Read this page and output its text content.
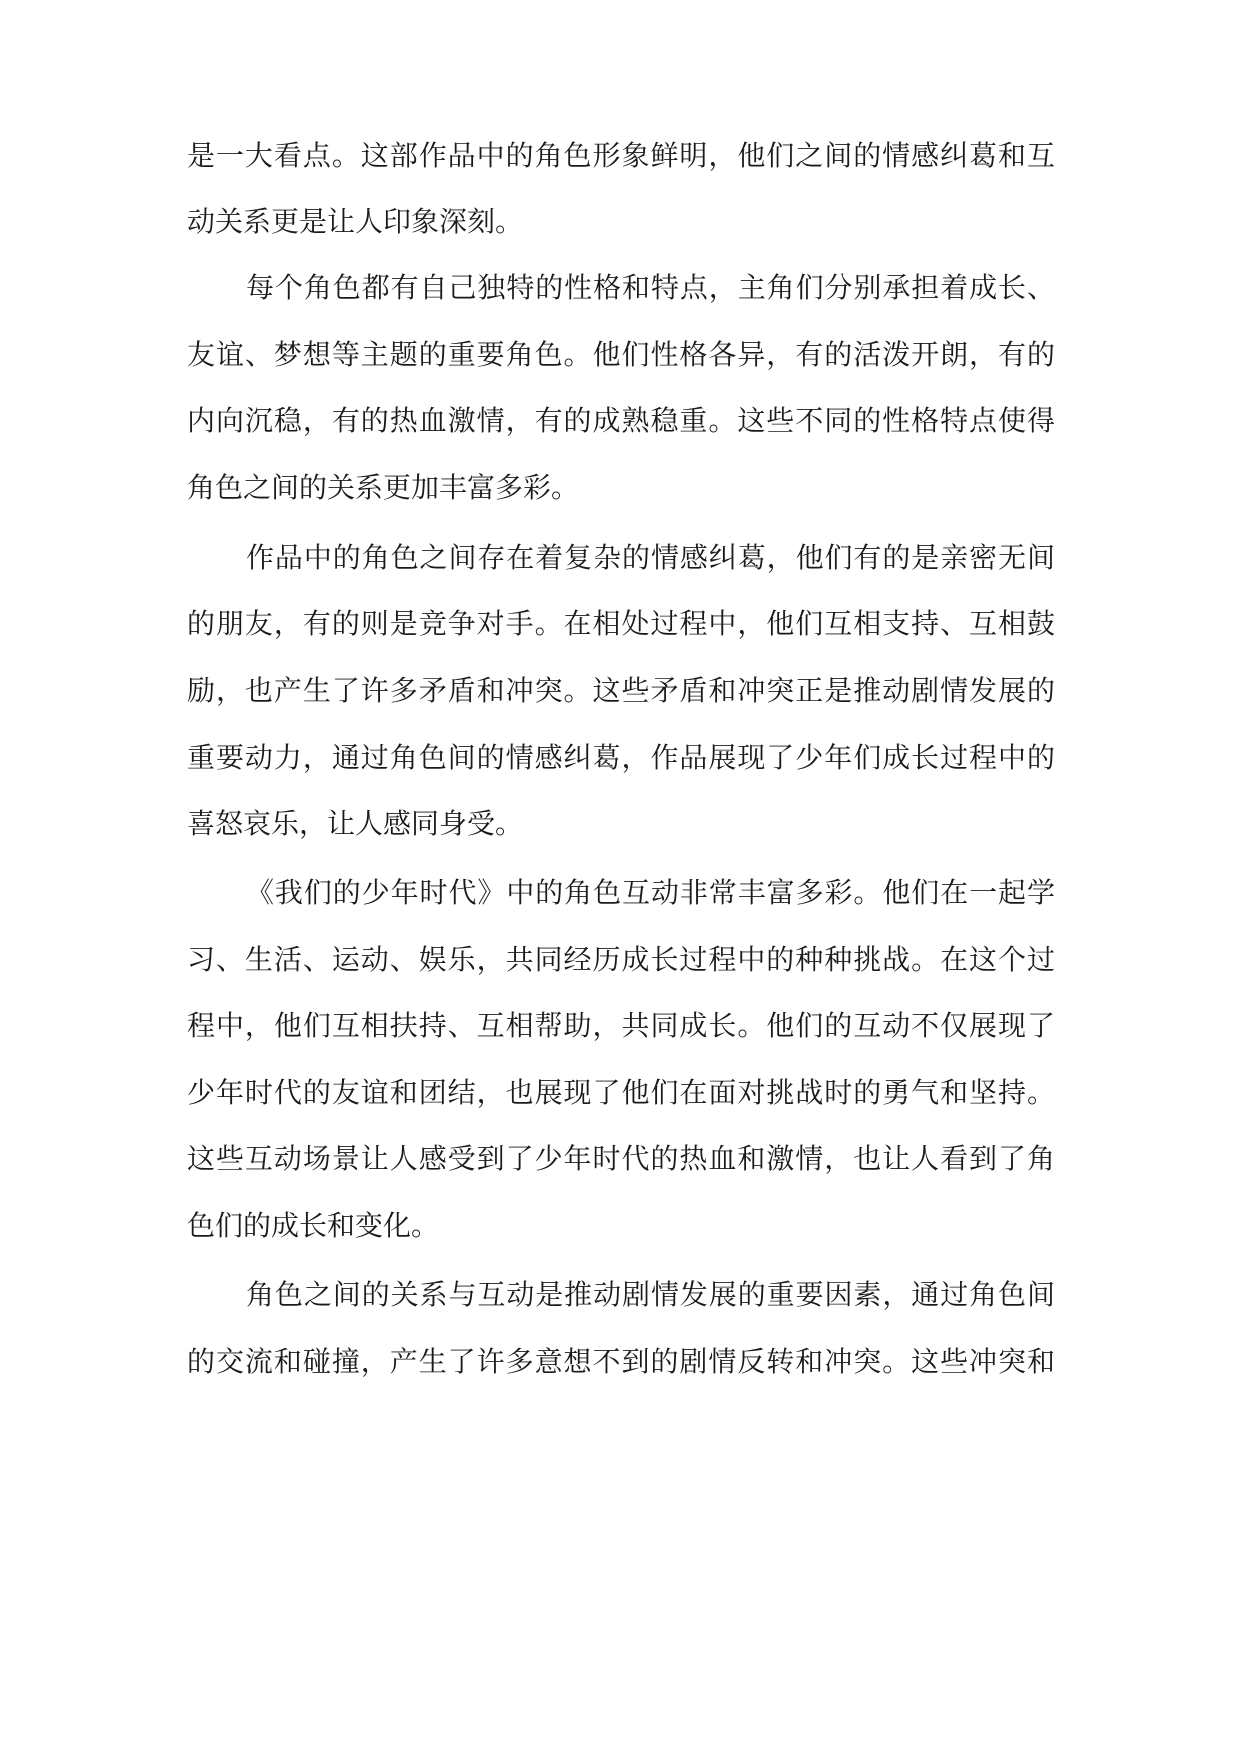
是一大看点。这部作品中的角色形象鲜明，他们之间的情感纠葛和互

动关系更是让人印象深刻。

每个角色都有自己独特的性格和特点，主角们分别承担着成长、

友谊、梦想等主题的重要角色。他们性格各异，有的活泼开朗，有的

内向沉稳，有的热血激情，有的成熟稳重。这些不同的性格特点使得

角色之间的关系更加丰富多彩。

作品中的角色之间存在着复杂的情感纠葛，他们有的是亲密无间

的朋友，有的则是竞争对手。在相处过程中，他们互相支持、互相鼓

励，也产生了许多矛盾和冲突。这些矛盾和冲突正是推动剧情发展的

重要动力，通过角色间的情感纠葛，作品展现了少年们成长过程中的

喜怒哀乐，让人感同身受。

《我们的少年时代》中的角色互动非常丰富多彩。他们在一起学

习、生活、运动、娱乐，共同经历成长过程中的种种挑战。在这个过

程中，他们互相扶持、互相帮助，共同成长。他们的互动不仅展现了

少年时代的友谊和团结，也展现了他们在面对挑战时的勇气和坚持。

这些互动场景让人感受到了少年时代的热血和激情，也让人看到了角

色们的成长和变化。

角色之间的关系与互动是推动剧情发展的重要因素，通过角色间

的交流和碰撞，产生了许多意想不到的剧情反转和冲突。这些冲突和
